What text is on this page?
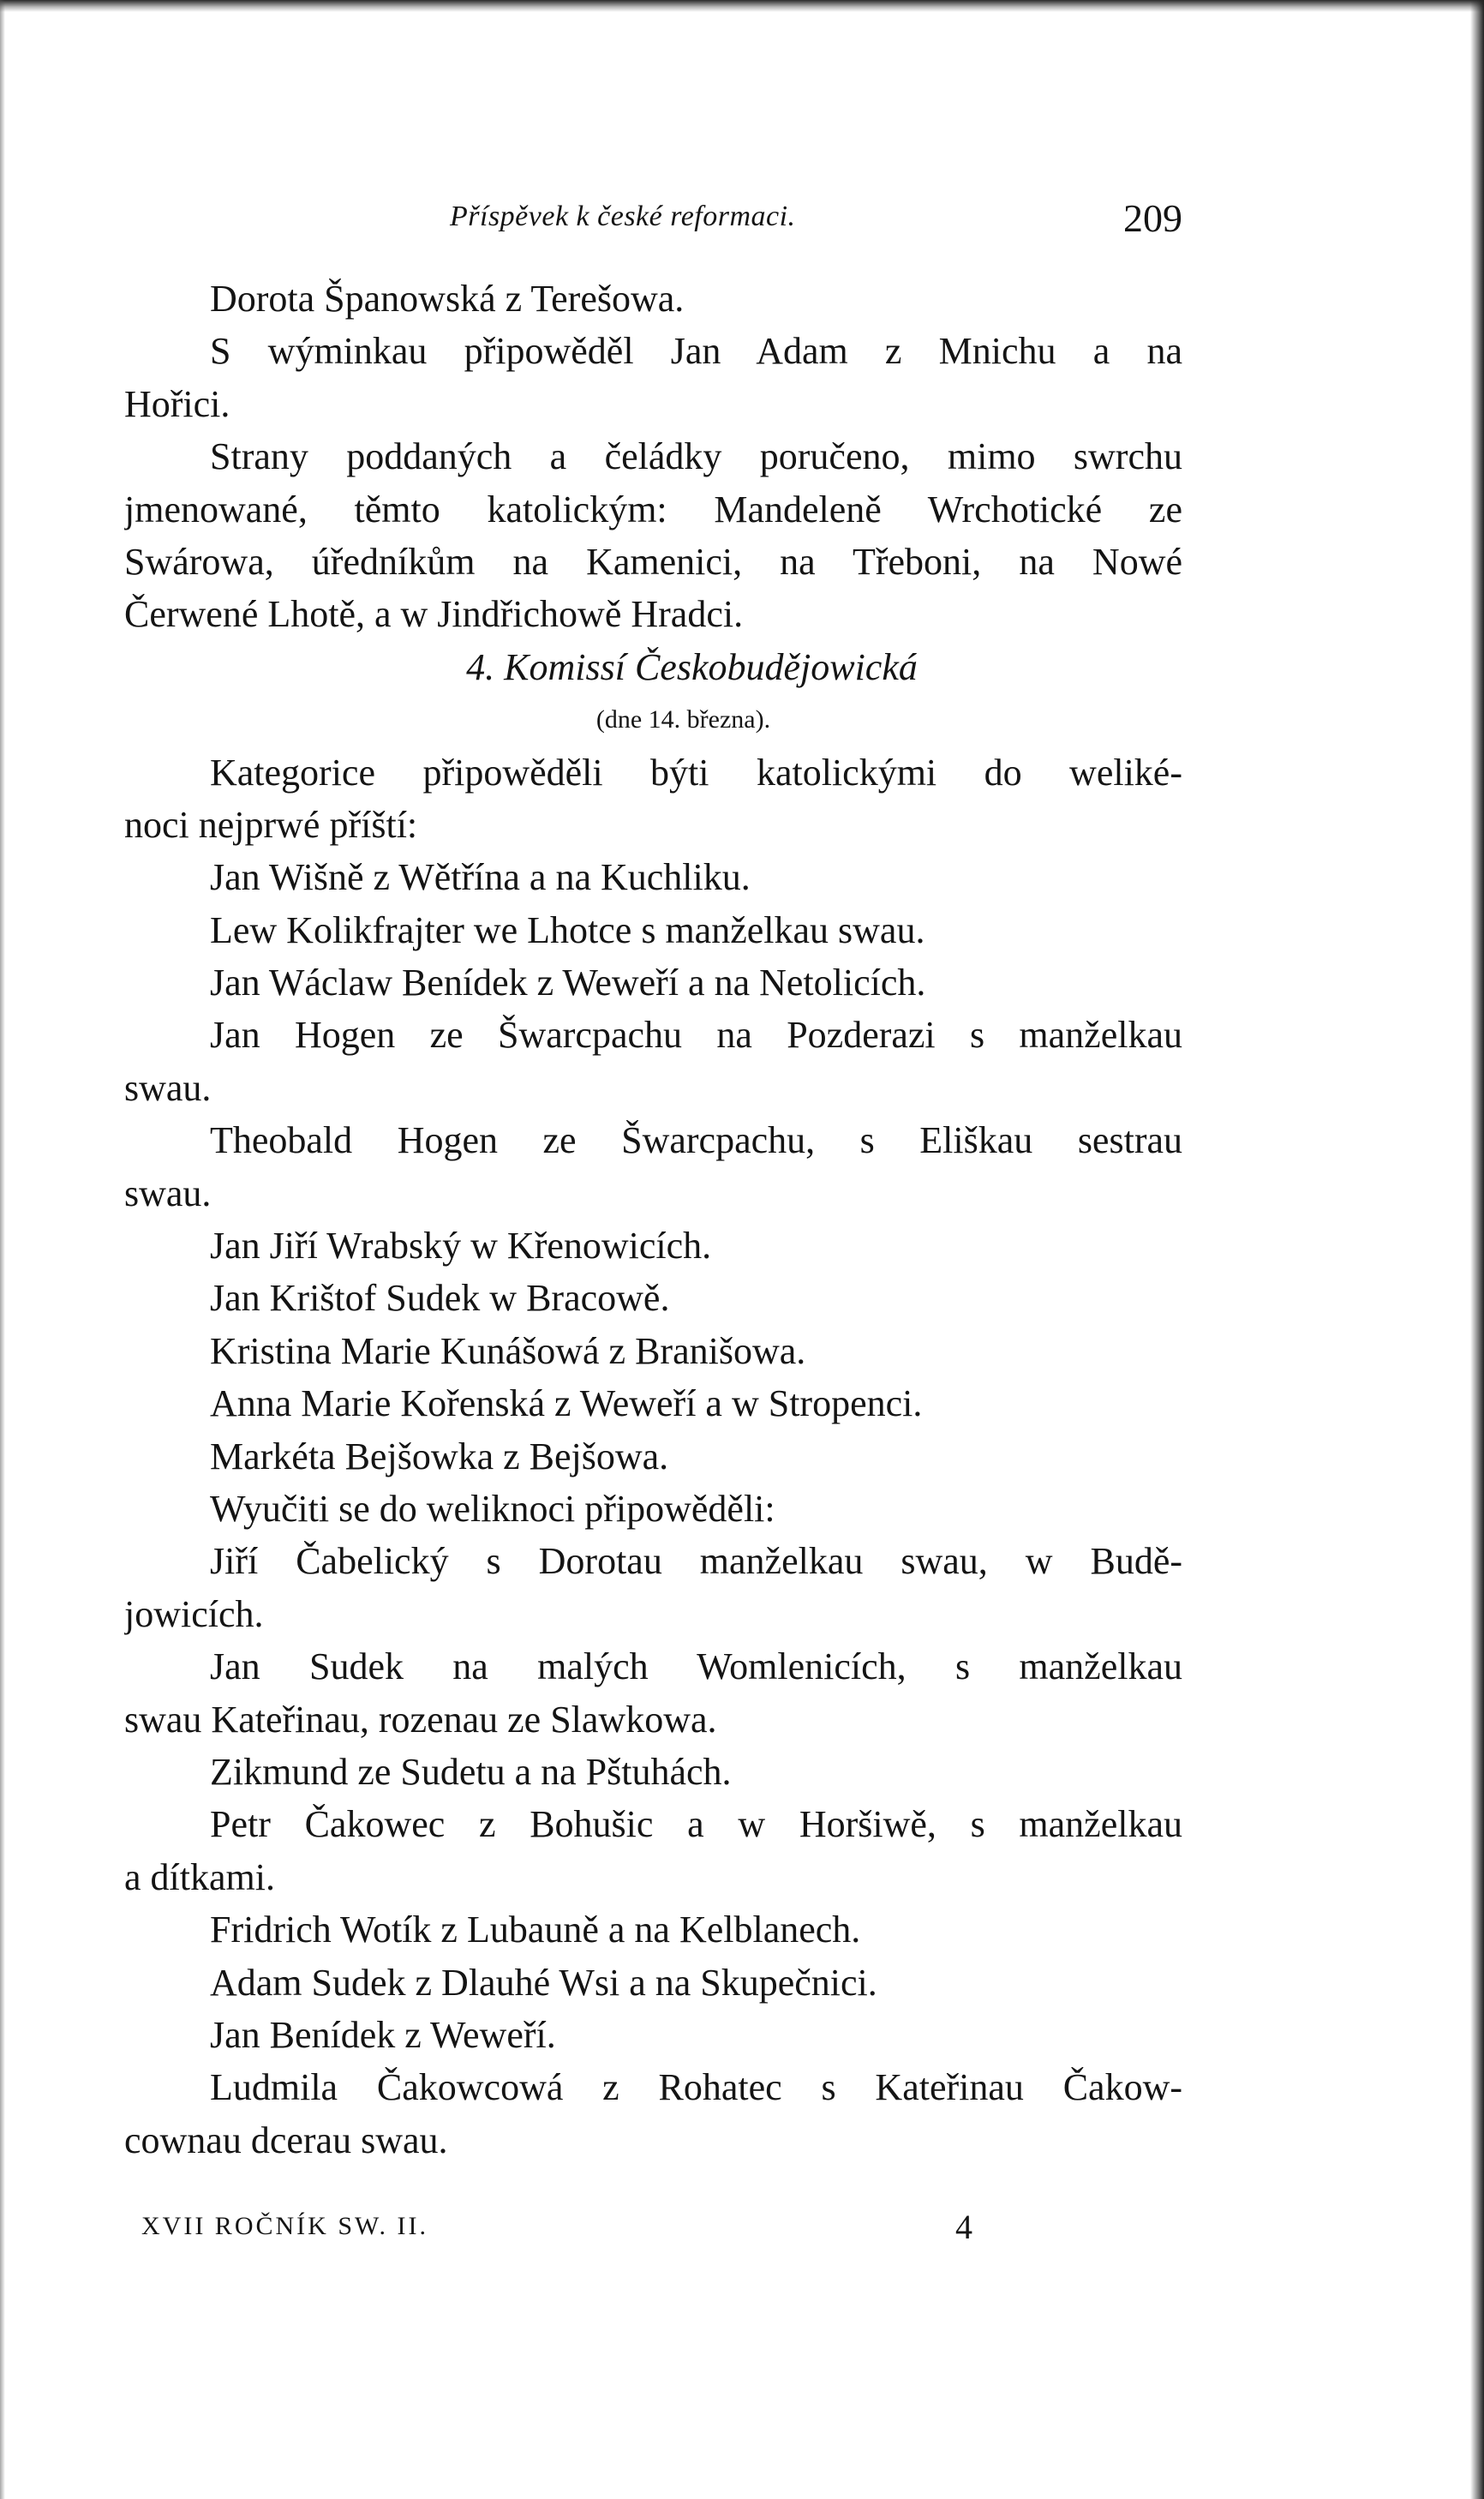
Příspěvek k české reformaci.	209
Dorota Španowská z Terešowa.
S wýminkau připowěděl Jan Adam z Mnichu a na
Hořici.
Strany poddaných a čeládky poručeno, mimo swrchu
jmenowané, těmto katolickým: Mandeleně Wrchotické ze
Swárowa, úředníkům na Kamenici, na Třeboni, na Nowé
Čerwené Lhotě, a w Jindřichowě Hradci.
4. Komissí Českobudějowická
(dne 14. března).
Kategorice připowěděli býti katolickými do weliké-
noci nejprwé příští:
Jan Wišně z Wětřína a na Kuchliku.
Lew Kolikfrajter we Lhotce s manželkau swau.
Jan Wáclaw Benídek z Weweří a na Netolicích.
Jan Hogen ze Šwarcpachu na Pozderazi s manželkau
swau.
Theobald Hogen ze Šwarcpachu, s Eliškau sestrau
swau.
Jan Jiří Wrabský w Křenowicích.
Jan Krištof Sudek w Bracowě.
Kristina Marie Kunášowá z Branišowa.
Anna Marie Kořenská z Weweří a w Stropenci.
Markéta Bejšowka z Bejšowa.
Wyučiti se do weliknoci připowěděli:
Jiří Čabelický s Dorotau manželkau swau, w Budě-
jowicích.
Jan Sudek na malých Womlenicích, s manželkau
swau Kateřinau, rozenau ze Slawkowa.
Zikmund ze Sudetu a na Pštuhách.
Petr Čakowec z Bohušic a w Horšiwě, s manželkau
a dítkami.
Fridrich Wotík z Lubauně a na Kelblanech.
Adam Sudek z Dlauhé Wsi a na Skupečnici.
Jan Benídek z Weweří.
Ludmila Čakowcowá z Rohatec s Kateřinau Čakow-
cownau dcerau swau.
XVII ROČNÍK SW. II.	4
